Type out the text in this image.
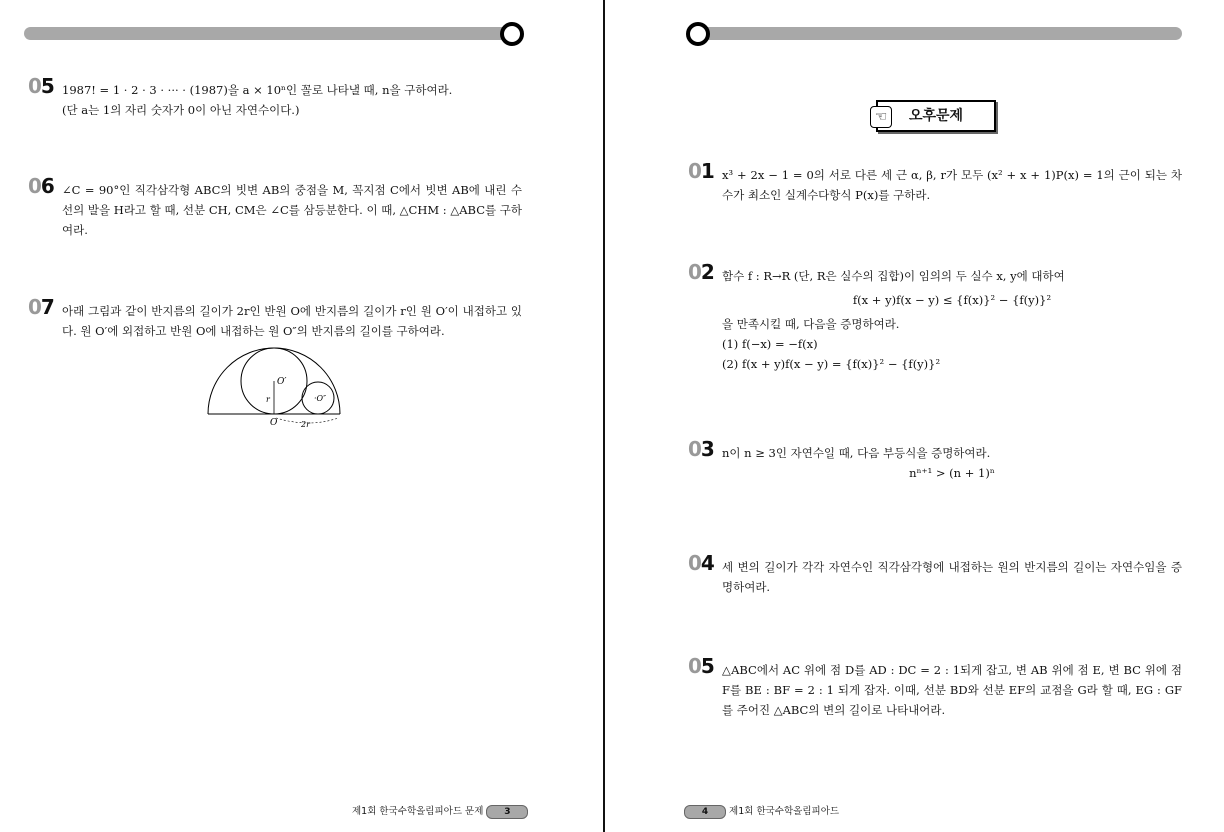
05 1987! = 1 · 2 · 3 · ··· · (1987)을 a × 10ⁿ인 꼴로 나타낼 때, n을 구하여라.
(단 a는 1의 자리 숫자가 0이 아닌 자연수이다.)
06 ∠C = 90°인 직각삼각형 ABC의 빗변 AB의 중점을 M, 꼭지점 C에서 빗변 AB에 내린 수선의 발을 H라고 할 때, 선분 CH, CM은 ∠C를 삼등분한다. 이 때, △CHM : △ABC를 구하여라.
07 아래 그림과 같이 반지름의 길이가 2r인 반원 O에 반지름의 길이가 r인 원 O′이 내접하고 있다. 원 O′에 외접하고 반원 O에 내접하는 원 O″의 반지름의 길이를 구하여라.
O′
r	·O″
O	2r
제1회 한국수학올림피아드 문제 3
☜	오후문제
01 x³ + 2x − 1 = 0의 서로 다른 세 근 α, β, r가 모두 (x² + x + 1)P(x) = 1의 근이 되는 차수가 최소인 실계수다항식 P(x)를 구하라.
02 함수 f : R→R (단, R은 실수의 집합)이 임의의 두 실수 x, y에 대하여
f(x + y)f(x − y) ≤ {f(x)}² − {f(y)}²
을 만족시킬 때, 다음을 증명하여라.
(1) f(−x) = −f(x)
(2) f(x + y)f(x − y) = {f(x)}² − {f(y)}²
03 n이 n ≥ 3인 자연수일 때, 다음 부등식을 증명하여라.
nⁿ⁺¹ > (n + 1)ⁿ
04 세 변의 길이가 각각 자연수인 직각삼각형에 내접하는 원의 반지름의 길이는 자연수임을 증명하여라.
05 △ABC에서 AC 위에 점 D를 AD : DC = 2 : 1되게 잡고, 변 AB 위에 점 E, 변 BC 위에 점 F를 BE : BF = 2 : 1 되게 잡자. 이때, 선분 BD와 선분 EF의 교점을 G라 할 때, EG : GF를 주어진 △ABC의 변의 길이로 나타내어라.
4 제1회 한국수학올림피아드
